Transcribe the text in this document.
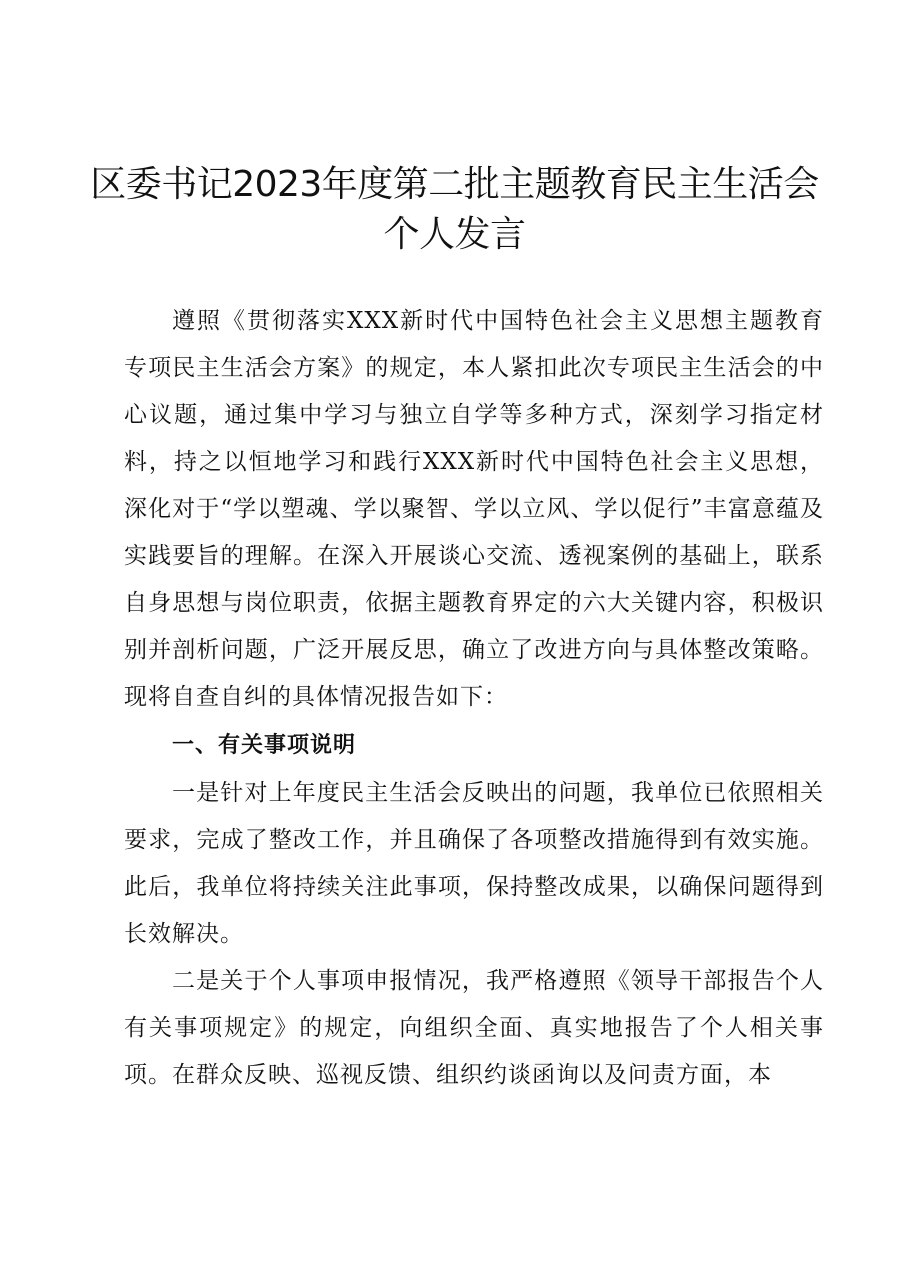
区委书记2023年度第二批主题教育民主生活会
个人发言

遵照《贯彻落实XXX新时代中国特色社会主义思想主题教育专项民主生活会方案》的规定，本人紧扣此次专项民主生活会的中心议题，通过集中学习与独立自学等多种方式，深刻学习指定材料，持之以恒地学习和践行XXX新时代中国特色社会主义思想，深化对于“学以塑魂、学以聚智、学以立风、学以促行”丰富意蕴及实践要旨的理解。在深入开展谈心交流、透视案例的基础上，联系自身思想与岗位职责，依据主题教育界定的六大关键内容，积极识别并剖析问题，广泛开展反思，确立了改进方向与具体整改策略。现将自查自纠的具体情况报告如下：

一、有关事项说明

一是针对上年度民主生活会反映出的问题，我单位已依照相关要求，完成了整改工作，并且确保了各项整改措施得到有效实施。此后，我单位将持续关注此事项，保持整改成果，以确保问题得到长效解决。

二是关于个人事项申报情况，我严格遵照《领导干部报告个人有关事项规定》的规定，向组织全面、真实地报告了个人相关事项。在群众反映、巡视反馈、组织约谈函询以及问责方面，本
